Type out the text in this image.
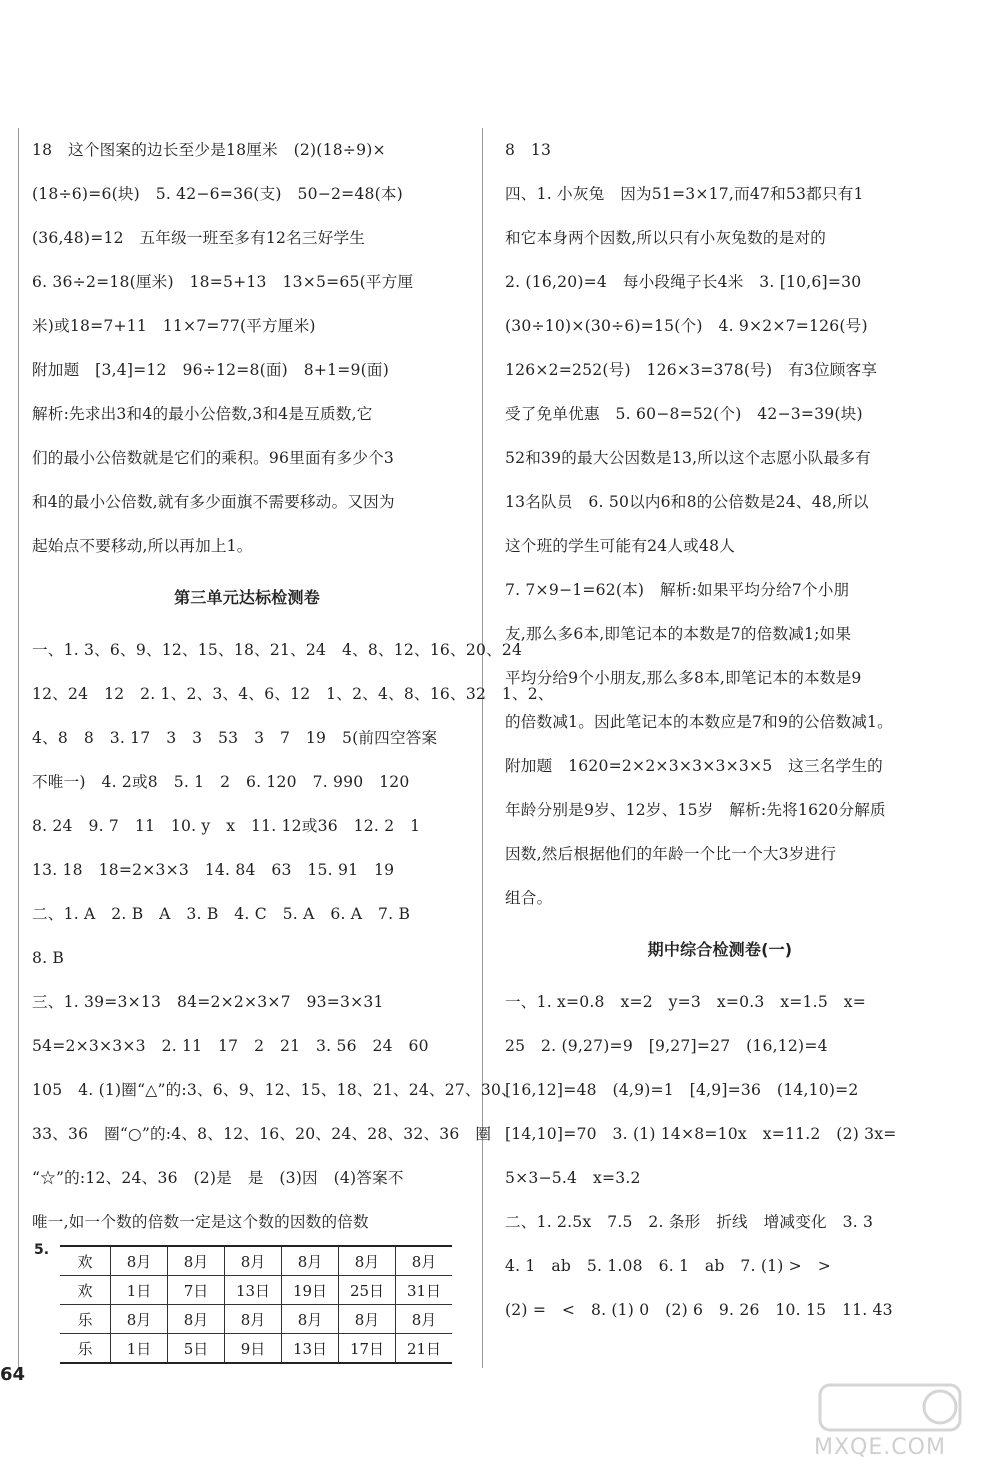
18　这个图案的边长至少是18厘米　(2)(18÷9)×
(18÷6)=6(块)　5. 42−6=36(支)　50−2=48(本)
(36,48)=12　五年级一班至多有12名三好学生
6. 36÷2=18(厘米)　18=5+13　13×5=65(平方厘
米)或18=7+11　11×7=77(平方厘米)
附加题　[3,4]=12　96÷12=8(面)　8+1=9(面)
解析:先求出3和4的最小公倍数,3和4是互质数,它
们的最小公倍数就是它们的乘积。96里面有多少个3
和4的最小公倍数,就有多少面旗不需要移动。又因为
起始点不要移动,所以再加上1。
第三单元达标检测卷
一、1. 3、6、9、12、15、18、21、24　4、8、12、16、20、24
12、24　12　2. 1、2、3、4、6、12　1、2、4、8、16、32　1、2、
4、8　8　3. 17　3　3　53　3　7　19　5(前四空答案
不唯一)　4. 2或8　5. 1　2　6. 120　7. 990　120
8. 24　9. 7　11　10. y　x　11. 12或36　12. 2　1
13. 18　18=2×3×3　14. 84　63　15. 91　19
二、1. A　2. B　A　3. B　4. C　5. A　6. A　7. B
8. B
三、1. 39=3×13　84=2×2×3×7　93=3×31
54=2×3×3×3　2. 11　17　2　21　3. 56　24　60
105　4. (1)圈“△”的:3、6、9、12、15、18、21、24、27、30、
33、36　圈“○”的:4、8、12、16、20、24、28、32、36　圈
“☆”的:12、24、36　(2)是　是　(3)因　(4)答案不
唯一,如一个数的倍数一定是这个数的因数的倍数
5.
欢	8月	8月	8月	8月	8月	8月
欢	1日	7日	13日	19日	25日	31日
乐	8月	8月	8月	8月	8月	8月
乐	1日	5日	9日	13日	17日	21日
8　13
四、1. 小灰兔　因为51=3×17,而47和53都只有1
和它本身两个因数,所以只有小灰兔数的是对的
2. (16,20)=4　每小段绳子长4米　3. [10,6]=30
(30÷10)×(30÷6)=15(个)　4. 9×2×7=126(号)
126×2=252(号)　126×3=378(号)　有3位顾客享
受了免单优惠　5. 60−8=52(个)　42−3=39(块)
52和39的最大公因数是13,所以这个志愿小队最多有
13名队员　6. 50以内6和8的公倍数是24、48,所以
这个班的学生可能有24人或48人
7. 7×9−1=62(本)　解析:如果平均分给7个小朋
友,那么多6本,即笔记本的本数是7的倍数减1;如果
平均分给9个小朋友,那么多8本,即笔记本的本数是9
的倍数减1。因此笔记本的本数应是7和9的公倍数减1。
附加题　1620=2×2×3×3×3×3×5　这三名学生的
年龄分别是9岁、12岁、15岁　解析:先将1620分解质
因数,然后根据他们的年龄一个比一个大3岁进行
组合。
期中综合检测卷(一)
一、1. x=0.8　x=2　y=3　x=0.3　x=1.5　x=
25　2. (9,27)=9　[9,27]=27　(16,12)=4
[16,12]=48　(4,9)=1　[4,9]=36　(14,10)=2
[14,10]=70　3. (1) 14×8=10x　x=11.2　(2) 3x=
5×3−5.4　x=3.2
二、1. 2.5x　7.5　2. 条形　折线　增减变化　3. 3
4. 1　ab　5. 1.08　6. 1　ab　7. (1) >　>
(2) =　<　8. (1) 0　(2) 6　9. 26　10. 15　11. 43
64
MXQE.COM
